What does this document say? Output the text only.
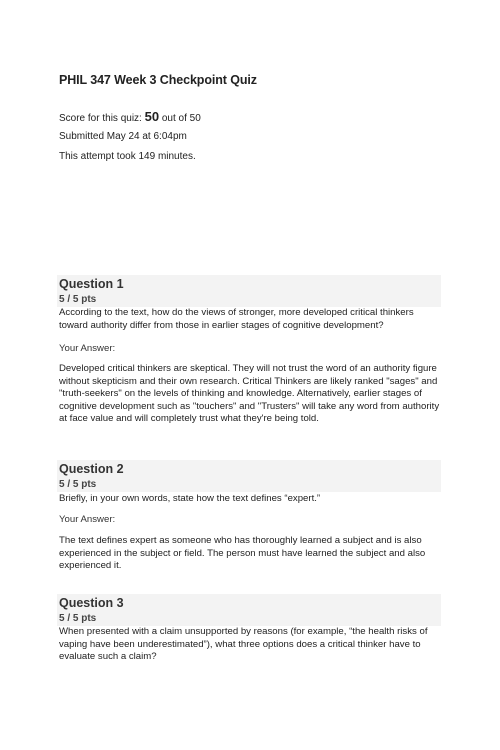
PHIL 347 Week 3 Checkpoint Quiz
Score for this quiz: 50 out of 50
Submitted May 24 at 6:04pm
This attempt took 149 minutes.
Question 1
5 / 5 pts
According to the text, how do the views of stronger, more developed critical thinkers toward authority differ from those in earlier stages of cognitive development?
Your Answer:
Developed critical thinkers are skeptical. They will not trust the word of an authority figure without skepticism and their own research. Critical Thinkers are likely ranked "sages" and "truth-seekers" on the levels of thinking and knowledge. Alternatively, earlier stages of cognitive development such as "touchers" and "Trusters" will take any word from authority at face value and will completely trust what they're being told.
Question 2
5 / 5 pts
Briefly, in your own words, state how the text defines “expert.”
Your Answer:
The text defines expert as someone who has thoroughly learned a subject and is also experienced in the subject or field. The person must have learned the subject and also experienced it.
Question 3
5 / 5 pts
When presented with a claim unsupported by reasons (for example, “the health risks of vaping have been underestimated”), what three options does a critical thinker have to evaluate such a claim?
